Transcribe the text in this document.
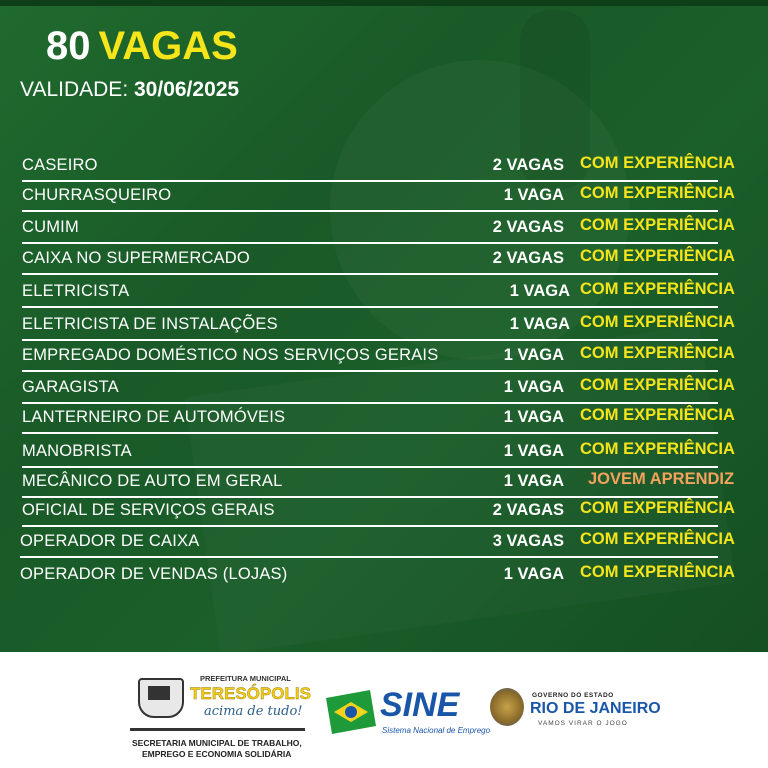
80 VAGAS
VALIDADE: 30/06/2025
CASEIRO	2 VAGAS COM EXPERIÊNCIA
CHURRASQUEIRO	1 VAGA COM EXPERIÊNCIA
CUMIM	2 VAGAS COM EXPERIÊNCIA
CAIXA NO SUPERMERCADO	2 VAGAS COM EXPERIÊNCIA
ELETRICISTA	1 VAGA COM EXPERIÊNCIA
ELETRICISTA DE INSTALAÇÕES	1 VAGA COM EXPERIÊNCIA
EMPREGADO DOMÉSTICO NOS SERVIÇOS GERAIS	1 VAGA COM EXPERIÊNCIA
GARAGISTA	1 VAGA COM EXPERIÊNCIA
LANTERNEIRO DE AUTOMÓVEIS	1 VAGA COM EXPERIÊNCIA
MANOBRISTA	1 VAGA COM EXPERIÊNCIA
MECÂNICO DE AUTO EM GERAL	1 VAGA JOVEM APRENDIZ
OFICIAL DE SERVIÇOS GERAIS	2 VAGAS COM EXPERIÊNCIA
OPERADOR DE CAIXA	3 VAGAS COM EXPERIÊNCIA
OPERADOR DE VENDAS (LOJAS)	1 VAGA COM EXPERIÊNCIA
PREFEITURA MUNICIPAL
TERESÓPOLIS
acima de tudo!
SECRETARIA MUNICIPAL DE TRABALHO,
EMPREGO E ECONOMIA SOLIDÁRIA
SINE
Sistema Nacional de Emprego
GOVERNO DO ESTADO
RIO DE JANEIRO
VAMOS VIRAR O JOGO
